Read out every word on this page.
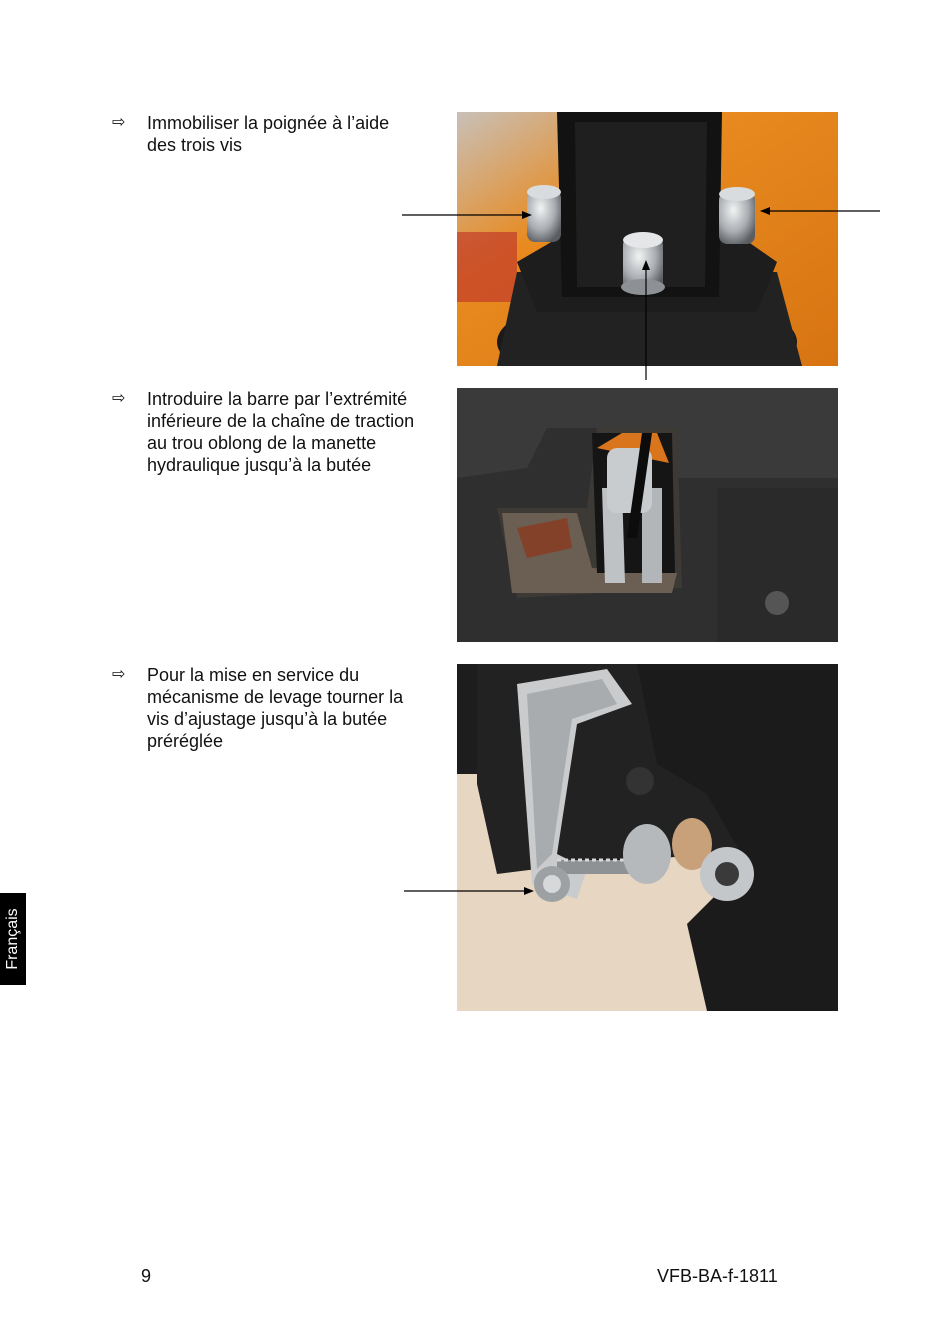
⇨	Immobiliser la poignée à l’aide
des trois vis
⇨	Introduire la barre par l’extrémité
inférieure de la chaîne de traction
au trou oblong de la manette
hydraulique jusqu’à la butée
⇨	Pour la mise en service du
mécanisme de levage tourner la
vis d’ajustage jusqu’à la butée
préréglée
Français
9	VFB-BA-f-1811
